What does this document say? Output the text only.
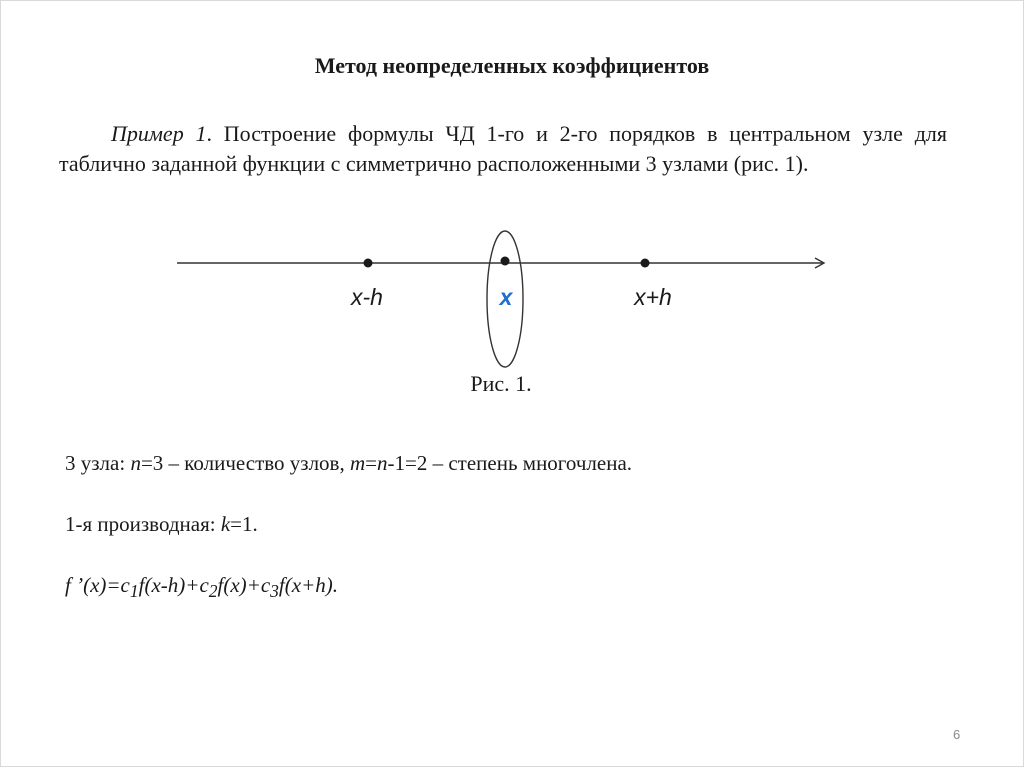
Метод неопределенных коэффициентов
Пример 1. Построение формулы ЧД 1-го и 2-го порядков в центральном узле для таблично заданной функции с симметрично расположенными 3 узлами (рис. 1).
x-h	x	x+h
Рис. 1.
3 узла: n=3 – количество узлов, m=n-1=2 – степень многочлена.
1-я производная: k=1.
f $’(x)=c_1f(x-h)+c_2f(x)+c_3f(x+h)$.
6
